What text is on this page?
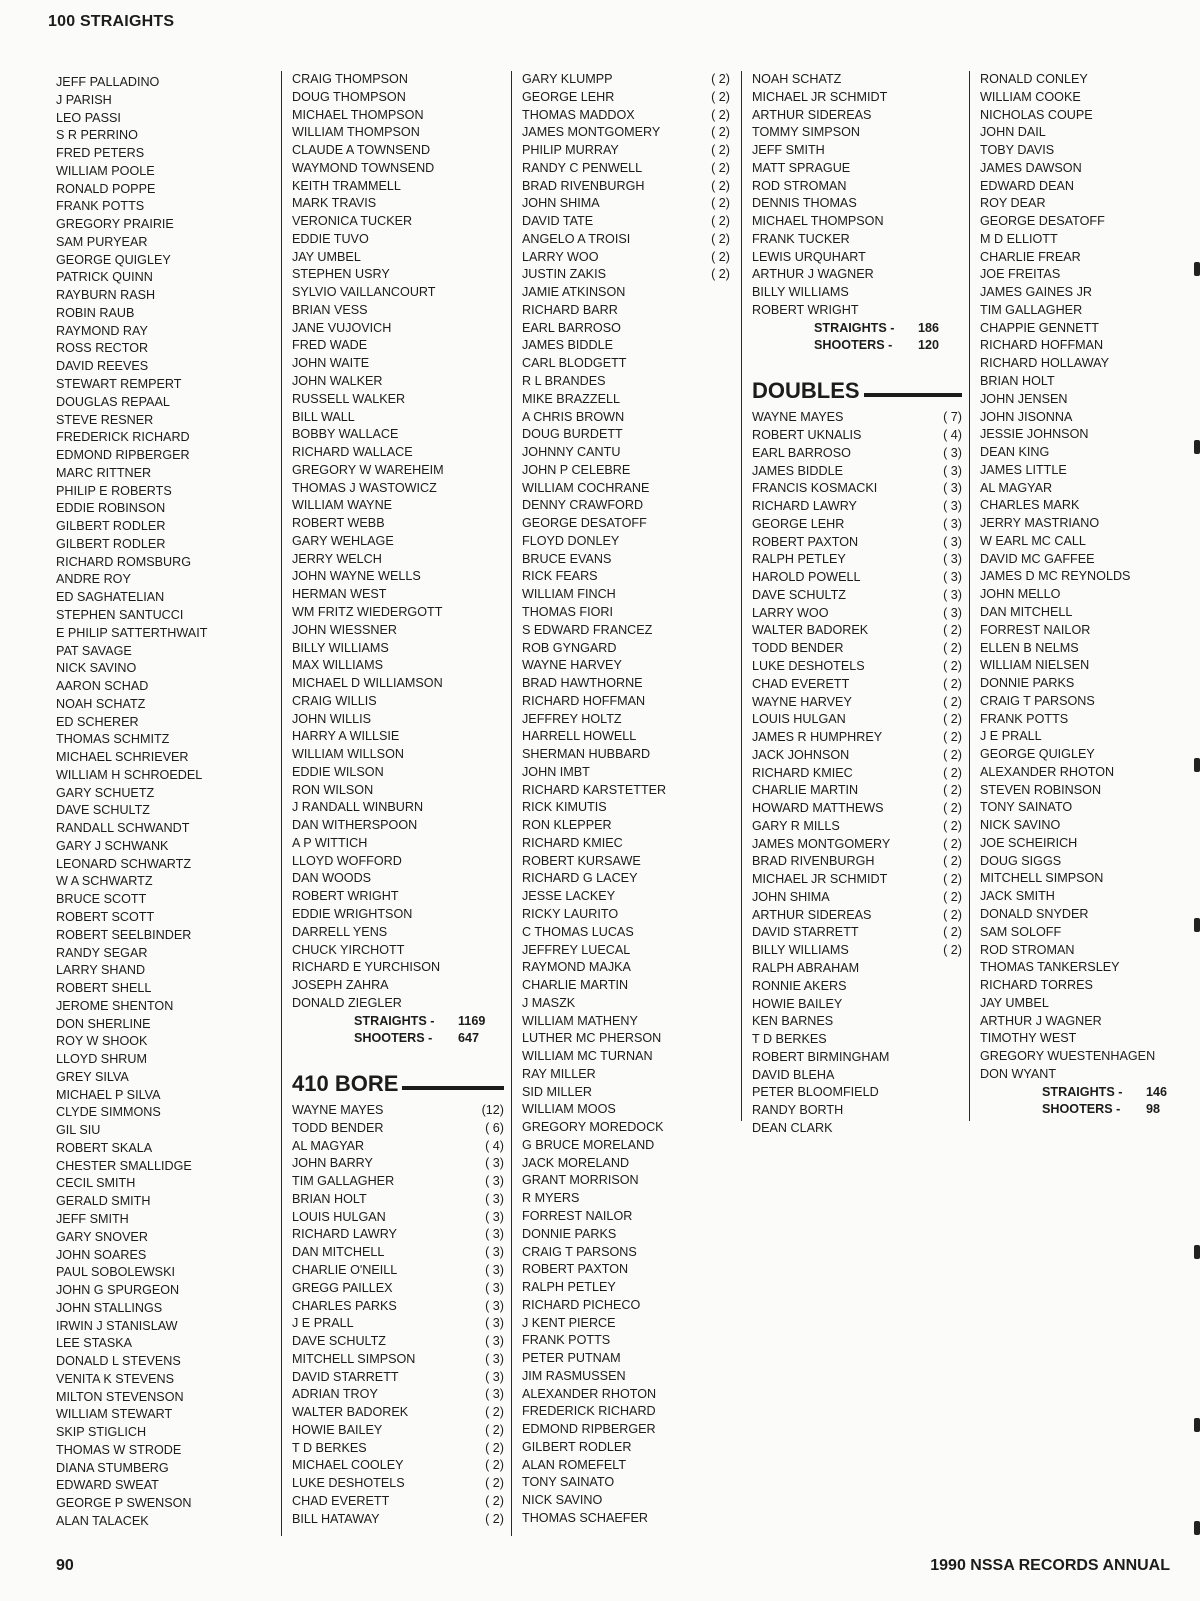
100 STRAIGHTS
JEFF PALLADINO
J PARISH
LEO PASSI
S R PERRINO
FRED PETERS
WILLIAM POOLE
RONALD POPPE
FRANK POTTS
GREGORY PRAIRIE
SAM PURYEAR
GEORGE QUIGLEY
PATRICK QUINN
RAYBURN RASH
ROBIN RAUB
RAYMOND RAY
ROSS RECTOR
DAVID REEVES
STEWART REMPERT
DOUGLAS REPAAL
STEVE RESNER
FREDERICK RICHARD
EDMOND RIPBERGER
MARC RITTNER
PHILIP E ROBERTS
EDDIE ROBINSON
GILBERT RODLER
GILBERT RODLER
RICHARD ROMSBURG
ANDRE ROY
ED SAGHATELIAN
STEPHEN SANTUCCI
E PHILIP SATTERTHWAIT
PAT SAVAGE
NICK SAVINO
AARON SCHAD
NOAH SCHATZ
ED SCHERER
THOMAS SCHMITZ
MICHAEL SCHRIEVER
WILLIAM H SCHROEDEL
GARY SCHUETZ
DAVE SCHULTZ
RANDALL SCHWANDT
GARY J SCHWANK
LEONARD SCHWARTZ
W A SCHWARTZ
BRUCE SCOTT
ROBERT SCOTT
ROBERT SEELBINDER
RANDY SEGAR
LARRY SHAND
ROBERT SHELL
JEROME SHENTON
DON SHERLINE
ROY W SHOOK
LLOYD SHRUM
GREY SILVA
MICHAEL P SILVA
CLYDE SIMMONS
GIL SIU
ROBERT SKALA
CHESTER SMALLIDGE
CECIL SMITH
GERALD SMITH
JEFF SMITH
GARY SNOVER
JOHN SOARES
PAUL SOBOLEWSKI
JOHN G SPURGEON
JOHN STALLINGS
IRWIN J STANISLAW
LEE STASKA
DONALD L STEVENS
VENITA K STEVENS
MILTON STEVENSON
WILLIAM STEWART
SKIP STIGLICH
THOMAS W STRODE
DIANA STUMBERG
EDWARD SWEAT
GEORGE P SWENSON
ALAN TALACEK
CRAIG THOMPSON
DOUG THOMPSON
MICHAEL THOMPSON
WILLIAM THOMPSON
CLAUDE A TOWNSEND
WAYMOND TOWNSEND
KEITH TRAMMELL
MARK TRAVIS
VERONICA TUCKER
EDDIE TUVO
JAY UMBEL
STEPHEN USRY
SYLVIO VAILLANCOURT
BRIAN VESS
JANE VUJOVICH
FRED WADE
JOHN WAITE
JOHN WALKER
RUSSELL WALKER
BILL WALL
BOBBY WALLACE
RICHARD WALLACE
GREGORY W WAREHEIM
THOMAS J WASTOWICZ
WILLIAM WAYNE
ROBERT WEBB
GARY WEHLAGE
JERRY WELCH
JOHN WAYNE WELLS
HERMAN WEST
WM FRITZ WIEDERGOTT
JOHN WIESSNER
BILLY WILLIAMS
MAX WILLIAMS
MICHAEL D WILLIAMSON
CRAIG WILLIS
JOHN WILLIS
HARRY A WILLSIE
WILLIAM WILLSON
EDDIE WILSON
RON WILSON
J RANDALL WINBURN
DAN WITHERSPOON
A P WITTICH
LLOYD WOFFORD
DAN WOODS
ROBERT WRIGHT
EDDIE WRIGHTSON
DARRELL YENS
CHUCK YIRCHOTT
RICHARD E YURCHISON
JOSEPH ZAHRA
DONALD ZIEGLER
STRAIGHTS - 1169
SHOOTERS - 647
410 BORE
WAYNE MAYES	(12)
TODD BENDER	( 6)
AL MAGYAR	( 4)
JOHN BARRY	( 3)
TIM GALLAGHER	( 3)
BRIAN HOLT	( 3)
LOUIS HULGAN	( 3)
RICHARD LAWRY	( 3)
DAN MITCHELL	( 3)
CHARLIE O'NEILL	( 3)
GREGG PAILLEX	( 3)
CHARLES PARKS	( 3)
J E PRALL	( 3)
DAVE SCHULTZ	( 3)
MITCHELL SIMPSON	( 3)
DAVID STARRETT	( 3)
ADRIAN TROY	( 3)
WALTER BADOREK	( 2)
HOWIE BAILEY	( 2)
T D BERKES	( 2)
MICHAEL COOLEY	( 2)
LUKE DESHOTELS	( 2)
CHAD EVERETT	( 2)
BILL HATAWAY	( 2)
GARY KLUMPP	( 2)
GEORGE LEHR	( 2)
THOMAS MADDOX	( 2)
JAMES MONTGOMERY	( 2)
PHILIP MURRAY	( 2)
RANDY C PENWELL	( 2)
BRAD RIVENBURGH	( 2)
JOHN SHIMA	( 2)
DAVID TATE	( 2)
ANGELO A TROISI	( 2)
LARRY WOO	( 2)
JUSTIN ZAKIS	( 2)
JAMIE ATKINSON
RICHARD BARR
EARL BARROSO
JAMES BIDDLE
CARL BLODGETT
R L BRANDES
MIKE BRAZZELL
A CHRIS BROWN
DOUG BURDETT
JOHNNY CANTU
JOHN P CELEBRE
WILLIAM COCHRANE
DENNY CRAWFORD
GEORGE DESATOFF
FLOYD DONLEY
BRUCE EVANS
RICK FEARS
WILLIAM FINCH
THOMAS FIORI
S EDWARD FRANCEZ
ROB GYNGARD
WAYNE HARVEY
BRAD HAWTHORNE
RICHARD HOFFMAN
JEFFREY HOLTZ
HARRELL HOWELL
SHERMAN HUBBARD
JOHN IMBT
RICHARD KARSTETTER
RICK KIMUTIS
RON KLEPPER
RICHARD KMIEC
ROBERT KURSAWE
RICHARD G LACEY
JESSE LACKEY
RICKY LAURITO
C THOMAS LUCAS
JEFFREY LUECAL
RAYMOND MAJKA
CHARLIE MARTIN
J MASZK
WILLIAM MATHENY
LUTHER MC PHERSON
WILLIAM MC TURNAN
RAY MILLER
SID MILLER
WILLIAM MOOS
GREGORY MOREDOCK
G BRUCE MORELAND
JACK MORELAND
GRANT MORRISON
R MYERS
FORREST NAILOR
DONNIE PARKS
CRAIG T PARSONS
ROBERT PAXTON
RALPH PETLEY
RICHARD PICHECO
J KENT PIERCE
FRANK POTTS
PETER PUTNAM
JIM RASMUSSEN
ALEXANDER RHOTON
FREDERICK RICHARD
EDMOND RIPBERGER
GILBERT RODLER
ALAN ROMEFELT
TONY SAINATO
NICK SAVINO
THOMAS SCHAEFER
NOAH SCHATZ
MICHAEL JR SCHMIDT
ARTHUR SIDEREAS
TOMMY SIMPSON
JEFF SMITH
MATT SPRAGUE
ROD STROMAN
DENNIS THOMAS
MICHAEL THOMPSON
FRANK TUCKER
LEWIS URQUHART
ARTHUR J WAGNER
BILLY WILLIAMS
ROBERT WRIGHT
STRAIGHTS - 186
SHOOTERS - 120
DOUBLES
WAYNE MAYES	( 7)
ROBERT UKNALIS	( 4)
EARL BARROSO	( 3)
JAMES BIDDLE	( 3)
FRANCIS KOSMACKI	( 3)
RICHARD LAWRY	( 3)
GEORGE LEHR	( 3)
ROBERT PAXTON	( 3)
RALPH PETLEY	( 3)
HAROLD POWELL	( 3)
DAVE SCHULTZ	( 3)
LARRY WOO	( 3)
WALTER BADOREK	( 2)
TODD BENDER	( 2)
LUKE DESHOTELS	( 2)
CHAD EVERETT	( 2)
WAYNE HARVEY	( 2)
LOUIS HULGAN	( 2)
JAMES R HUMPHREY	( 2)
JACK JOHNSON	( 2)
RICHARD KMIEC	( 2)
CHARLIE MARTIN	( 2)
HOWARD MATTHEWS	( 2)
GARY R MILLS	( 2)
JAMES MONTGOMERY	( 2)
BRAD RIVENBURGH	( 2)
MICHAEL JR SCHMIDT	( 2)
JOHN SHIMA	( 2)
ARTHUR SIDEREAS	( 2)
DAVID STARRETT	( 2)
BILLY WILLIAMS	( 2)
RALPH ABRAHAM
RONNIE AKERS
HOWIE BAILEY
KEN BARNES
T D BERKES
ROBERT BIRMINGHAM
DAVID BLEHA
PETER BLOOMFIELD
RANDY BORTH
DEAN CLARK
RONALD CONLEY
WILLIAM COOKE
NICHOLAS COUPE
JOHN DAIL
TOBY DAVIS
JAMES DAWSON
EDWARD DEAN
ROY DEAR
GEORGE DESATOFF
M D ELLIOTT
CHARLIE FREAR
JOE FREITAS
JAMES GAINES JR
TIM GALLAGHER
CHAPPIE GENNETT
RICHARD HOFFMAN
RICHARD HOLLAWAY
BRIAN HOLT
JOHN JENSEN
JOHN JISONNA
JESSIE JOHNSON
DEAN KING
JAMES LITTLE
AL MAGYAR
CHARLES MARK
JERRY MASTRIANO
W EARL MC CALL
DAVID MC GAFFEE
JAMES D MC REYNOLDS
JOHN MELLO
DAN MITCHELL
FORREST NAILOR
ELLEN B NELMS
WILLIAM NIELSEN
DONNIE PARKS
CRAIG T PARSONS
FRANK POTTS
J E PRALL
GEORGE QUIGLEY
ALEXANDER RHOTON
STEVEN ROBINSON
TONY SAINATO
NICK SAVINO
JOE SCHEIRICH
DOUG SIGGS
MITCHELL SIMPSON
JACK SMITH
DONALD SNYDER
SAM SOLOFF
ROD STROMAN
THOMAS TANKERSLEY
RICHARD TORRES
JAY UMBEL
ARTHUR J WAGNER
TIMOTHY WEST
GREGORY WUESTENHAGEN
DON WYANT
STRAIGHTS - 146
SHOOTERS - 98
90	1990 NSSA RECORDS ANNUAL
